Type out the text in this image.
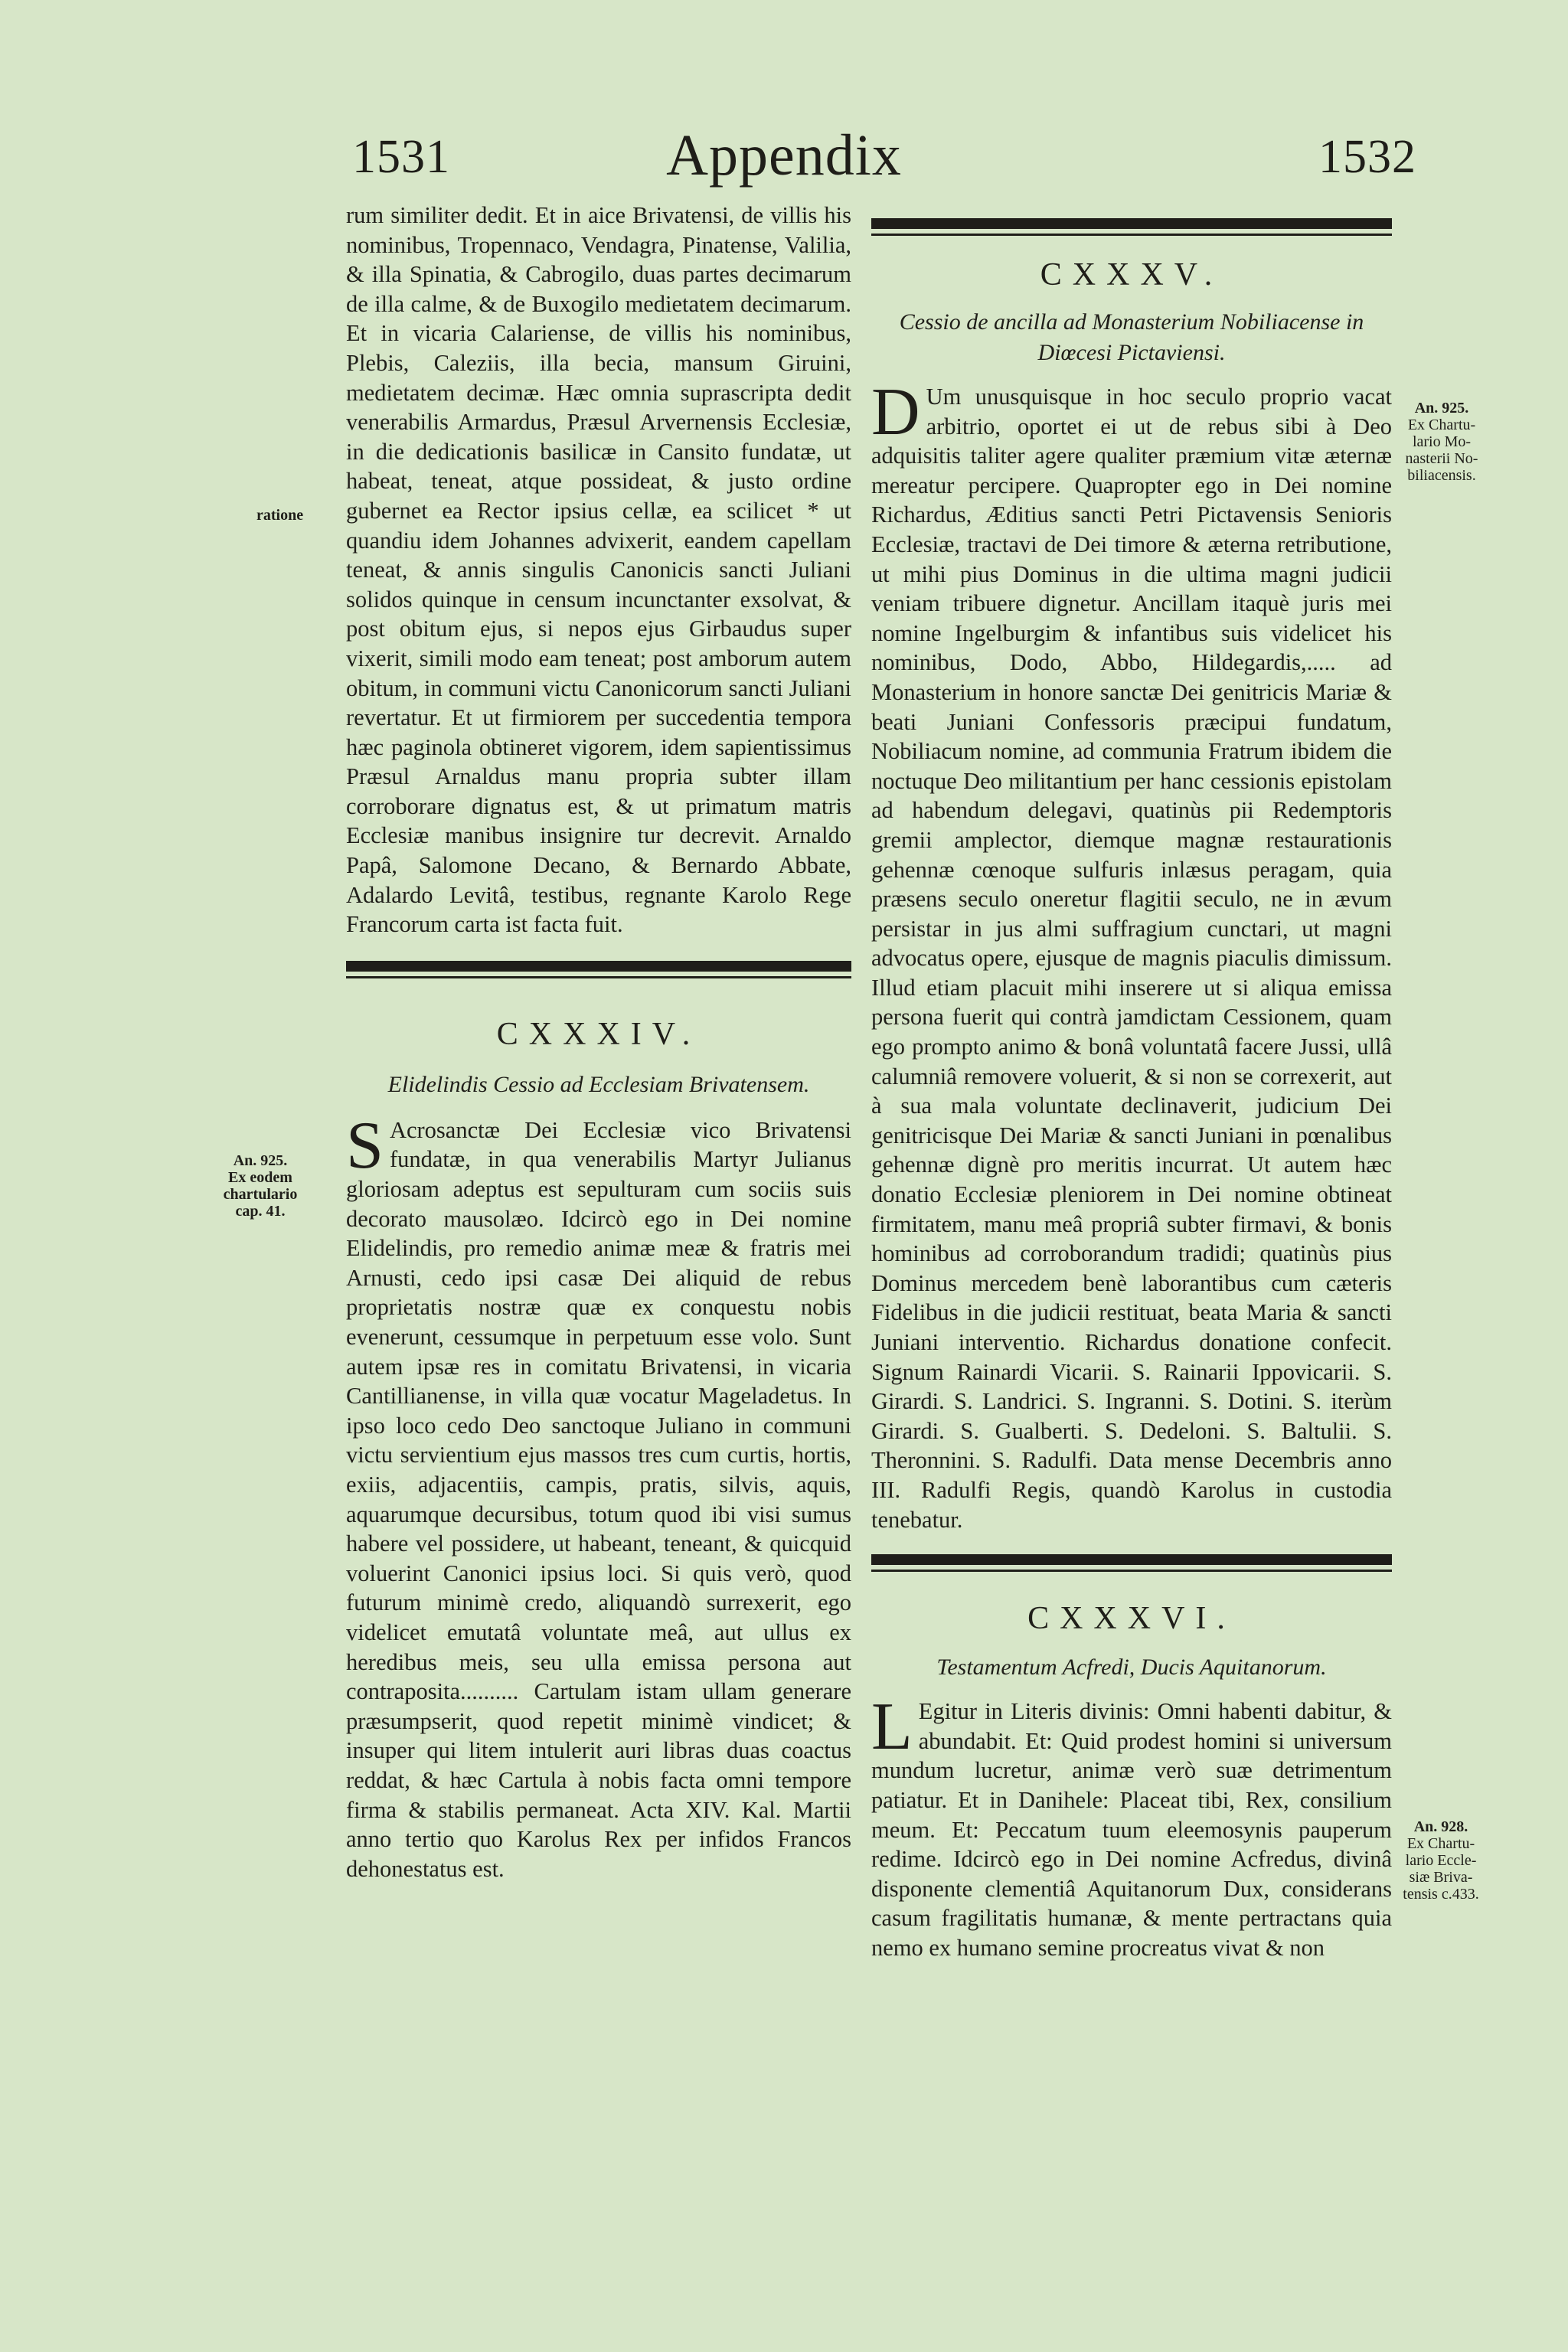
1531	Appendix	1532

rum similiter dedit. Et in aice Brivatensi, de villis his nominibus, Tropennaco, Vendagra, Pinatense, Valilia, & illa Spinatia, & Cabrogilo, duas partes decimarum de illa calme, & de Buxogilo medietatem decimarum. Et in vicaria Calariense, de villis his nominibus, Plebis, Caleziis, illa becia, mansum Giruini, medietatem decimæ. Hæc omnia suprascripta dedit venerabilis Armardus, Præsul Arvernensis Ecclesiæ, in die dedicationis basilicæ in Cansito fundatæ, ut habeat, teneat, atque possideat, & justo ordine gubernet ea Rector ipsius cellæ, ea scilicet * ut quandiu idem Johannes advixerit, eandem capellam teneat, & annis singulis Canonicis sancti Juliani solidos quinque in censum incunctanter exsolvat, & post obitum ejus, si nepos ejus Girbaudus super vixerit, simili modo eam teneat; post amborum autem obitum, in communi victu Canonicorum sancti Juliani revertatur. Et ut firmiorem per succedentia tempora hæc paginola obtineret vigorem, idem sapientissimus Præsul Arnaldus manu propria subter illam corroborare dignatus est, & ut primatum matris Ecclesiæ manibus insignire tur decrevit. Arnaldo Papâ, Salomone Decano, & Bernardo Abbate, Adalardo Levitâ, testibus, regnante Karolo Rege Francorum carta ist facta fuit.

CXXXIV.

Elidelindis Cessio ad Ecclesiam Brivatensem.

S Acrosanctæ Dei Ecclesiæ vico Brivatensi fundatæ, in qua venerabilis Martyr Julianus gloriosam adeptus est sepulturam cum sociis suis decorato mausolæo. Idcircò ego in Dei nomine Elidelindis, pro remedio animæ meæ & fratris mei Arnusti, cedo ipsi casæ Dei aliquid de rebus proprietatis nostræ quæ ex conquestu nobis evenerunt, cessumque in perpetuum esse volo. Sunt autem ipsæ res in comitatu Brivatensi, in vicaria Cantillianense, in villa quæ vocatur Mageladetus. In ipso loco cedo Deo sanctoque Juliano in communi victu servientium ejus massos tres cum curtis, hortis, exiis, adjacentiis, campis, pratis, silvis, aquis, aquarumque decursibus, totum quod ibi visi sumus habere vel possidere, ut habeant, teneant, & quicquid voluerint Canonici ipsius loci. Si quis verò, quod futurum minimè credo, aliquandò surrexerit, ego videlicet emutatâ voluntate meâ, aut ullus ex heredibus meis, seu ulla emissa persona aut contraposita.......... Cartulam istam ullam generare præsumpserit, quod repetit minimè vindicet; & insuper qui litem intulerit auri libras duas coactus reddat, & hæc Cartula à nobis facta omni tempore firma & stabilis permaneat. Acta XIV. Kal. Martii anno tertio quo Karolus Rex per infidos Francos dehonestatus est.

CXXXV.

Cessio de ancilla ad Monasterium Nobiliacense in Diœcesi Pictaviensi.

D Um unusquisque in hoc seculo proprio vacat arbitrio, oportet ei ut de rebus sibi à Deo adquisitis taliter agere qualiter præmium vitæ æternæ mereatur percipere. Quapropter ego in Dei nomine Richardus, Æditius sancti Petri Pictavensis Senioris Ecclesiæ, tractavi de Dei timore & æterna retributione, ut mihi pius Dominus in die ultima magni judicii veniam tribuere dignetur. Ancillam itaquè juris mei nomine Ingelburgim & infantibus suis videlicet his nominibus, Dodo, Abbo, Hildegardis,..... ad Monasterium in honore sanctæ Dei genitricis Mariæ & beati Juniani Confessoris præcipui fundatum, Nobiliacum nomine, ad communia Fratrum ibidem die noctuque Deo militantium per hanc cessionis epistolam ad habendum delegavi, quatinùs pii Redemptoris gremii amplector, diemque magnæ restaurationis gehennæ cœnoque sulfuris inlæsus peragam, quia præsens seculo oneretur flagitii seculo, ne in ævum persistar in jus almi suffragium cunctari, ut magni advocatus opere, ejusque de magnis piaculis dimissum. Illud etiam placuit mihi inserere ut si aliqua emissa persona fuerit qui contrà jamdictam Cessionem, quam ego prompto animo & bonâ voluntatâ facere Jussi, ullâ calumniâ removere voluerit, & si non se correxerit, aut à sua mala voluntate declinaverit, judicium Dei genitricisque Dei Mariæ & sancti Juniani in pœnalibus gehennæ dignè pro meritis incurrat. Ut autem hæc donatio Ecclesiæ pleniorem in Dei nomine obtineat firmitatem, manu meâ propriâ subter firmavi, & bonis hominibus ad corroborandum tradidi; quatinùs pius Dominus mercedem benè laborantibus cum cæteris Fidelibus in die judicii restituat, beata Maria & sancti Juniani interventio. Richardus donatione confecit. Signum Rainardi Vicarii. S. Rainarii Ippovicarii. S. Girardi. S. Landrici. S. Ingranni. S. Dotini. S. iterùm Girardi. S. Gualberti. S. Dedeloni. S. Baltulii. S. Theronnini. S. Radulfi. Data mense Decembris anno III. Radulfi Regis, quandò Karolus in custodia tenebatur.

CXXXVI.

Testamentum Acfredi, Ducis Aquitanorum.

L Egitur in Literis divinis: Omni habenti dabitur, & abundabit. Et: Quid prodest homini si universum mundum lucretur, animæ verò suæ detrimentum patiatur. Et in Danihele: Placeat tibi, Rex, consilium meum. Et: Peccatum tuum eleemosynis pauperum redime. Idcircò ego in Dei nomine Acfredus, divinâ disponente clementiâ Aquitanorum Dux, considerans casum fragilitatis humanæ, & mente pertractans quia nemo ex humano semine procreatus vivat & non

ratione
An. 925.
Ex eodem
chartulario
cap. 41.
An. 925.
Ex Chartu-
lario Mo-
nasterii No-
biliacensis.
An. 928.
Ex Chartu-
lario Eccle-
siæ Briva-
tensis c.433.
